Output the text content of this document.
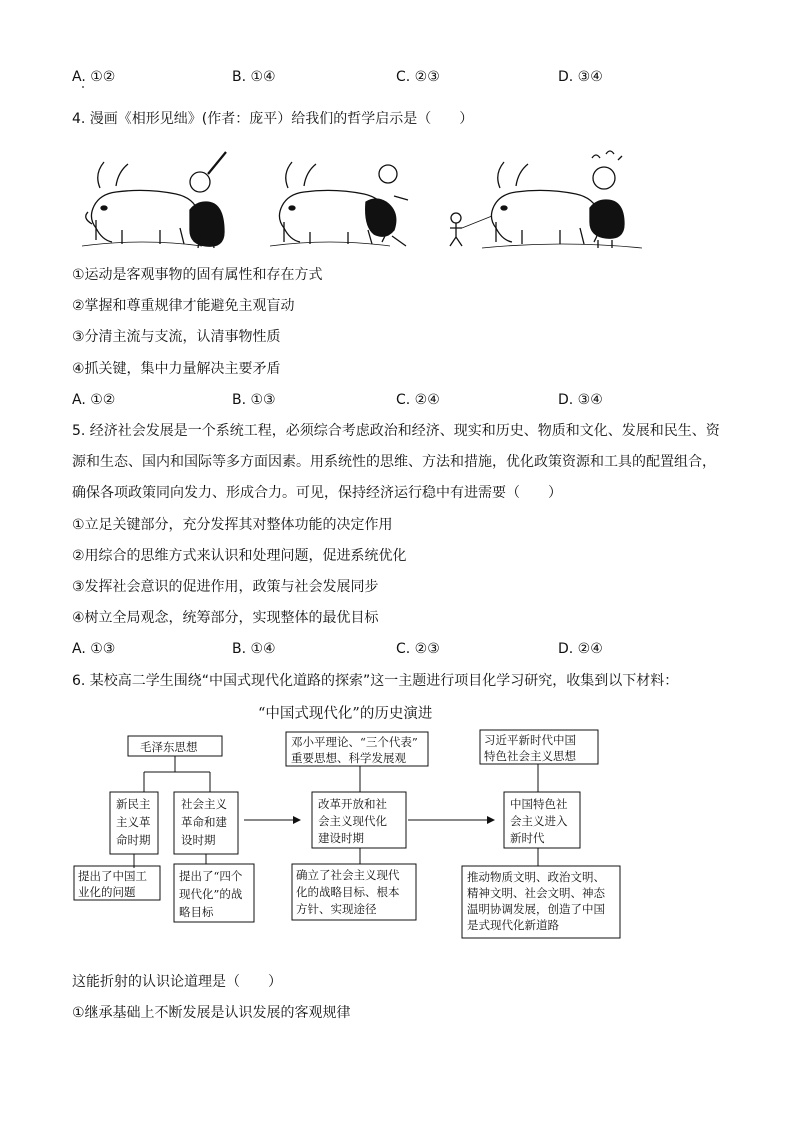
A. ①②	B. ①④	C. ②③	D. ③④
4. 漫画《相形见绌》(作者：庞平）给我们的哲学启示是（　　）
①运动是客观事物的固有属性和存在方式
②掌握和尊重规律才能避免主观盲动
③分清主流与支流，认清事物性质
④抓关键，集中力量解决主要矛盾
A. ①②	B. ①③	C. ②④	D. ③④
5. 经济社会发展是一个系统工程，必须综合考虑政治和经济、现实和历史、物质和文化、发展和民生、资
源和生态、国内和国际等多方面因素。用系统性的思维、方法和措施，优化政策资源和工具的配置组合，
确保各项政策同向发力、形成合力。可见，保持经济运行稳中有进需要（　　）
①立足关键部分，充分发挥其对整体功能的决定作用
②用综合的思维方式来认识和处理问题，促进系统优化
③发挥社会意识的促进作用，政策与社会发展同步
④树立全局观念，统筹部分，实现整体的最优目标
A. ①③	B. ①④	C. ②③	D. ②④
6. 某校高二学生围绕“中国式现代化道路的探索”这一主题进行项目化学习研究，收集到以下材料：
“中国式现代化”的历史演进
毛泽东思想
新民主
主义革
命时期
社会主义
革命和建
设时期
提出了中国工
业化的问题
提出了“四个
现代化”的战
略目标
邓小平理论、“三个代表”
重要思想、科学发展观
改革开放和社
会主义现代化
建设时期
确立了社会主义现代
化的战略目标、根本
方针、实现途径
习近平新时代中国
特色社会主义思想
中国特色社
会主义进入
新时代
推动物质文明、政治文明、
精神文明、社会文明、神态
温明协调发展，创造了中国
是式现代化新道路
这能折射的认识论道理是（　　）
①继承基础上不断发展是认识发展的客观规律
